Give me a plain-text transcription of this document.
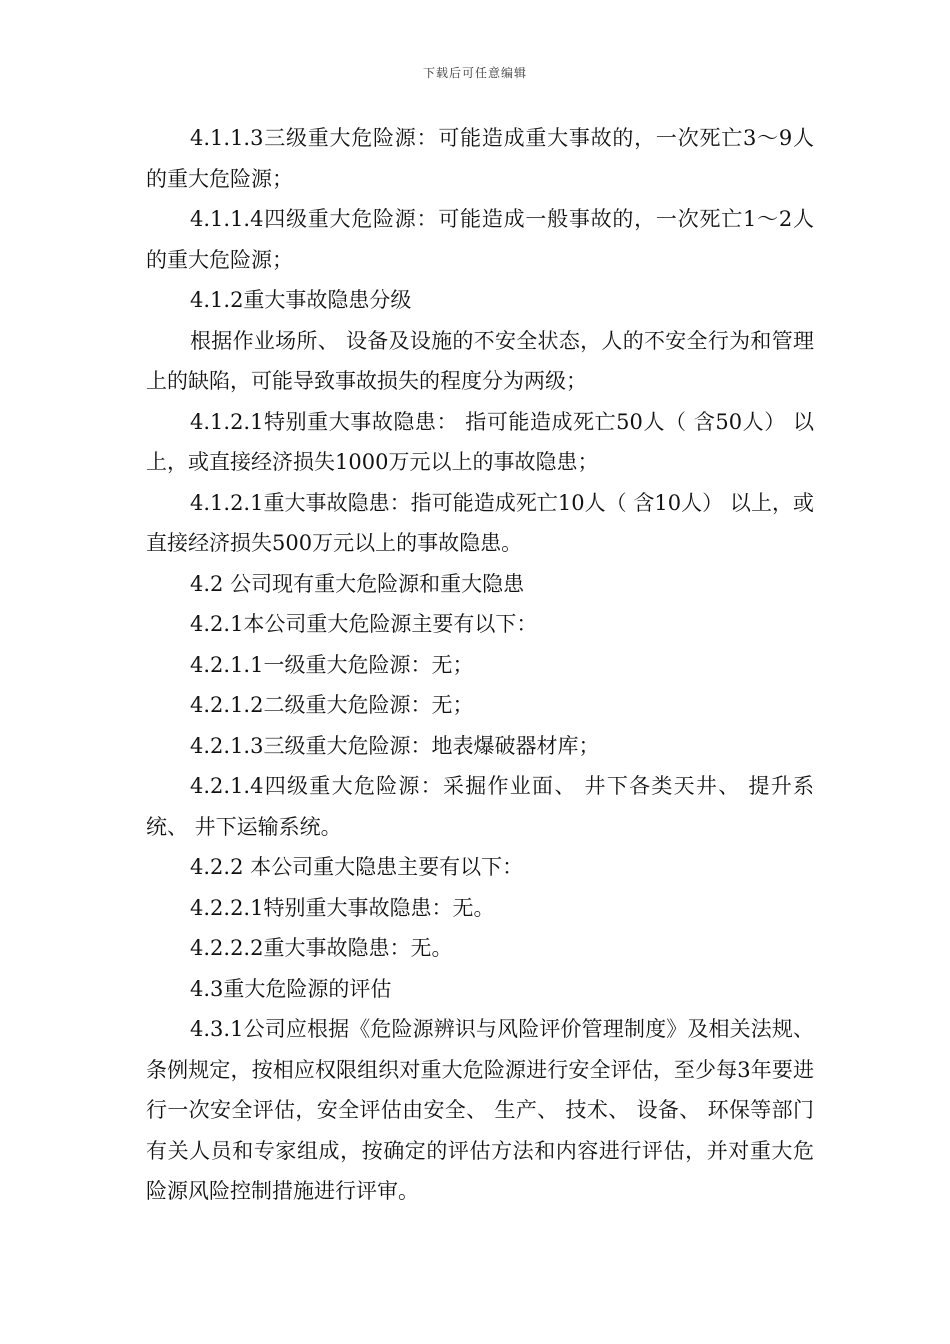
下载后可任意编辑

4.1.1.3三级重大危险源：可能造成重大事故的，一次死亡3～9人的重大危险源；

4.1.1.4四级重大危险源：可能造成一般事故的，一次死亡1～2人的重大危险源；

4.1.2重大事故隐患分级

根据作业场所、 设备及设施的不安全状态，人的不安全行为和管理上的缺陷，可能导致事故损失的程度分为两级；

4.1.2.1特别重大事故隐患： 指可能造成死亡50人（ 含50人） 以上，或直接经济损失1000万元以上的事故隐患；

4.1.2.1重大事故隐患：指可能造成死亡10人（ 含10人） 以上，或直接经济损失500万元以上的事故隐患。

4.2 公司现有重大危险源和重大隐患

4.2.1本公司重大危险源主要有以下：

4.2.1.1一级重大危险源：无；

4.2.1.2二级重大危险源：无；

4.2.1.3三级重大危险源：地表爆破器材库；

4.2.1.4四级重大危险源：采掘作业面、 井下各类天井、 提升系统、 井下运输系统。

4.2.2 本公司重大隐患主要有以下：

4.2.2.1特别重大事故隐患：无。

4.2.2.2重大事故隐患：无。

4.3重大危险源的评估

4.3.1公司应根据《危险源辨识与风险评价管理制度》及相关法规、 条例规定，按相应权限组织对重大危险源进行安全评估，至少每3年要进行一次安全评估，安全评估由安全、 生产、 技术、 设备、 环保等部门有关人员和专家组成，按确定的评估方法和内容进行评估，并对重大危险源风险控制措施进行评审。
